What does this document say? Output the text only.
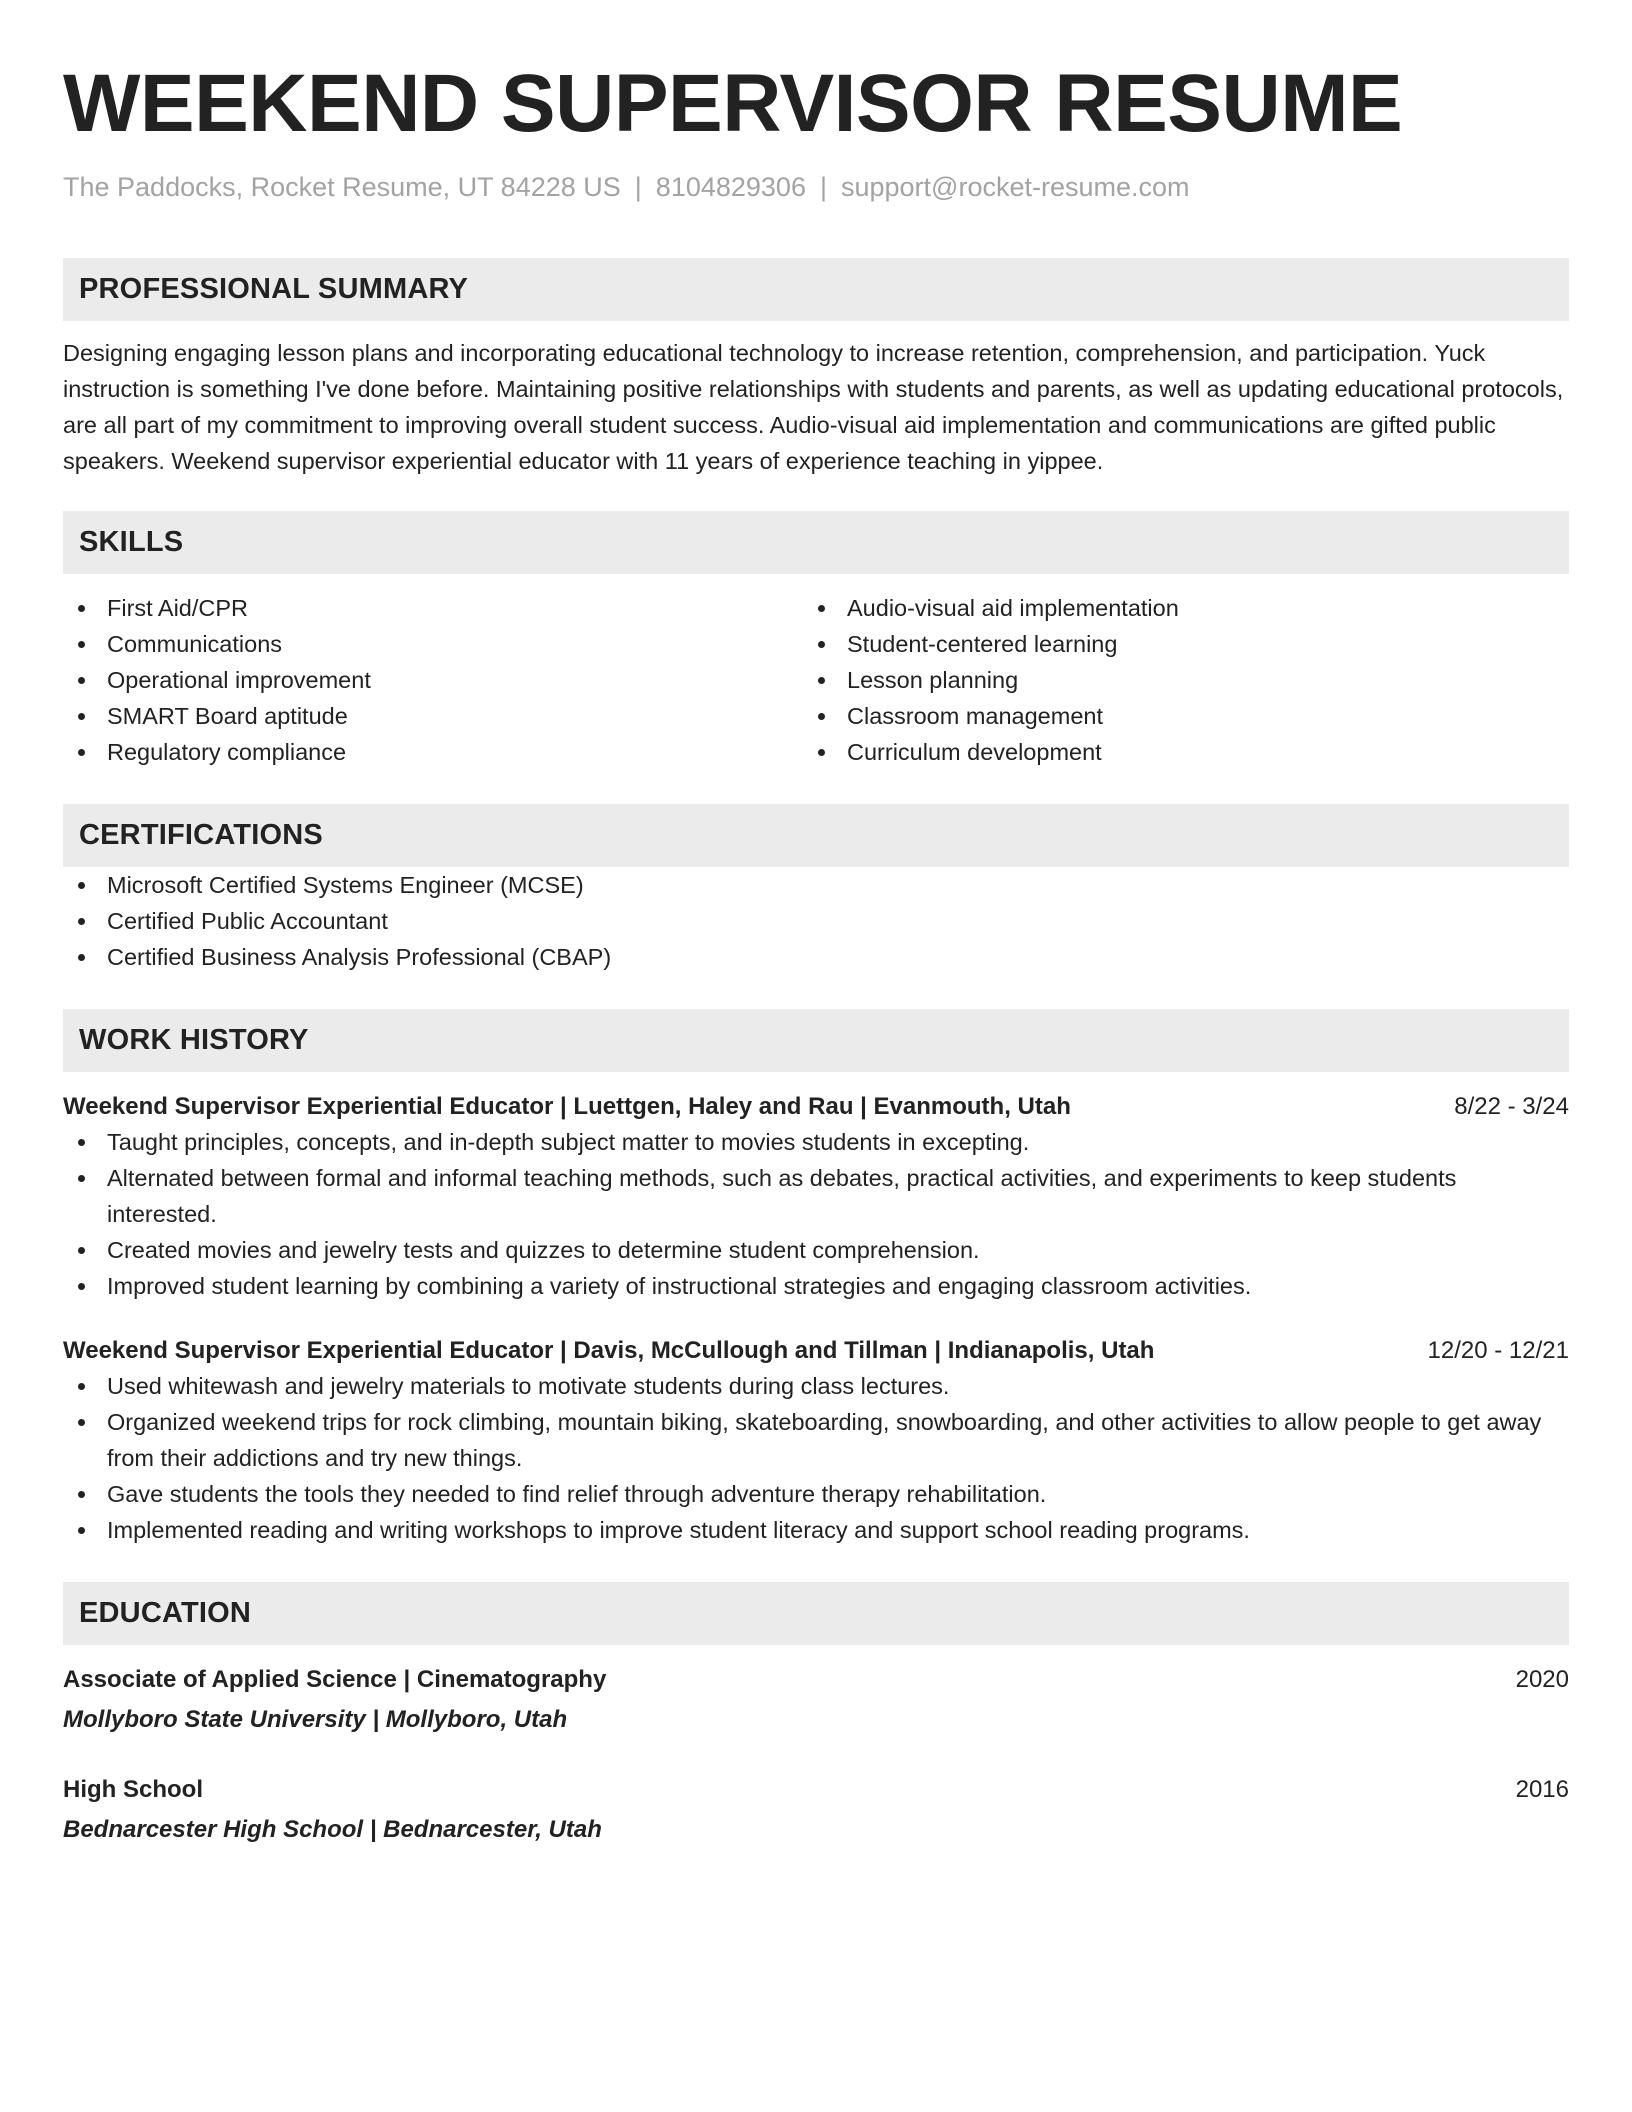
WEEKEND SUPERVISOR RESUME
The Paddocks, Rocket Resume, UT 84228 US | 8104829306 | support@rocket-resume.com
PROFESSIONAL SUMMARY
Designing engaging lesson plans and incorporating educational technology to increase retention, comprehension, and participation. Yuck instruction is something I've done before. Maintaining positive relationships with students and parents, as well as updating educational protocols, are all part of my commitment to improving overall student success. Audio-visual aid implementation and communications are gifted public speakers. Weekend supervisor experiential educator with 11 years of experience teaching in yippee.
SKILLS
First Aid/CPR
Communications
Operational improvement
SMART Board aptitude
Regulatory compliance
Audio-visual aid implementation
Student-centered learning
Lesson planning
Classroom management
Curriculum development
CERTIFICATIONS
Microsoft Certified Systems Engineer (MCSE)
Certified Public Accountant
Certified Business Analysis Professional (CBAP)
WORK HISTORY
Weekend Supervisor Experiential Educator | Luettgen, Haley and Rau | Evanmouth, Utah	8/22 - 3/24
Taught principles, concepts, and in-depth subject matter to movies students in excepting.
Alternated between formal and informal teaching methods, such as debates, practical activities, and experiments to keep students interested.
Created movies and jewelry tests and quizzes to determine student comprehension.
Improved student learning by combining a variety of instructional strategies and engaging classroom activities.
Weekend Supervisor Experiential Educator | Davis, McCullough and Tillman | Indianapolis, Utah	12/20 - 12/21
Used whitewash and jewelry materials to motivate students during class lectures.
Organized weekend trips for rock climbing, mountain biking, skateboarding, snowboarding, and other activities to allow people to get away from their addictions and try new things.
Gave students the tools they needed to find relief through adventure therapy rehabilitation.
Implemented reading and writing workshops to improve student literacy and support school reading programs.
EDUCATION
Associate of Applied Science | Cinematography	2020
Mollyboro State University | Mollyboro, Utah
High School	2016
Bednarcester High School | Bednarcester, Utah
